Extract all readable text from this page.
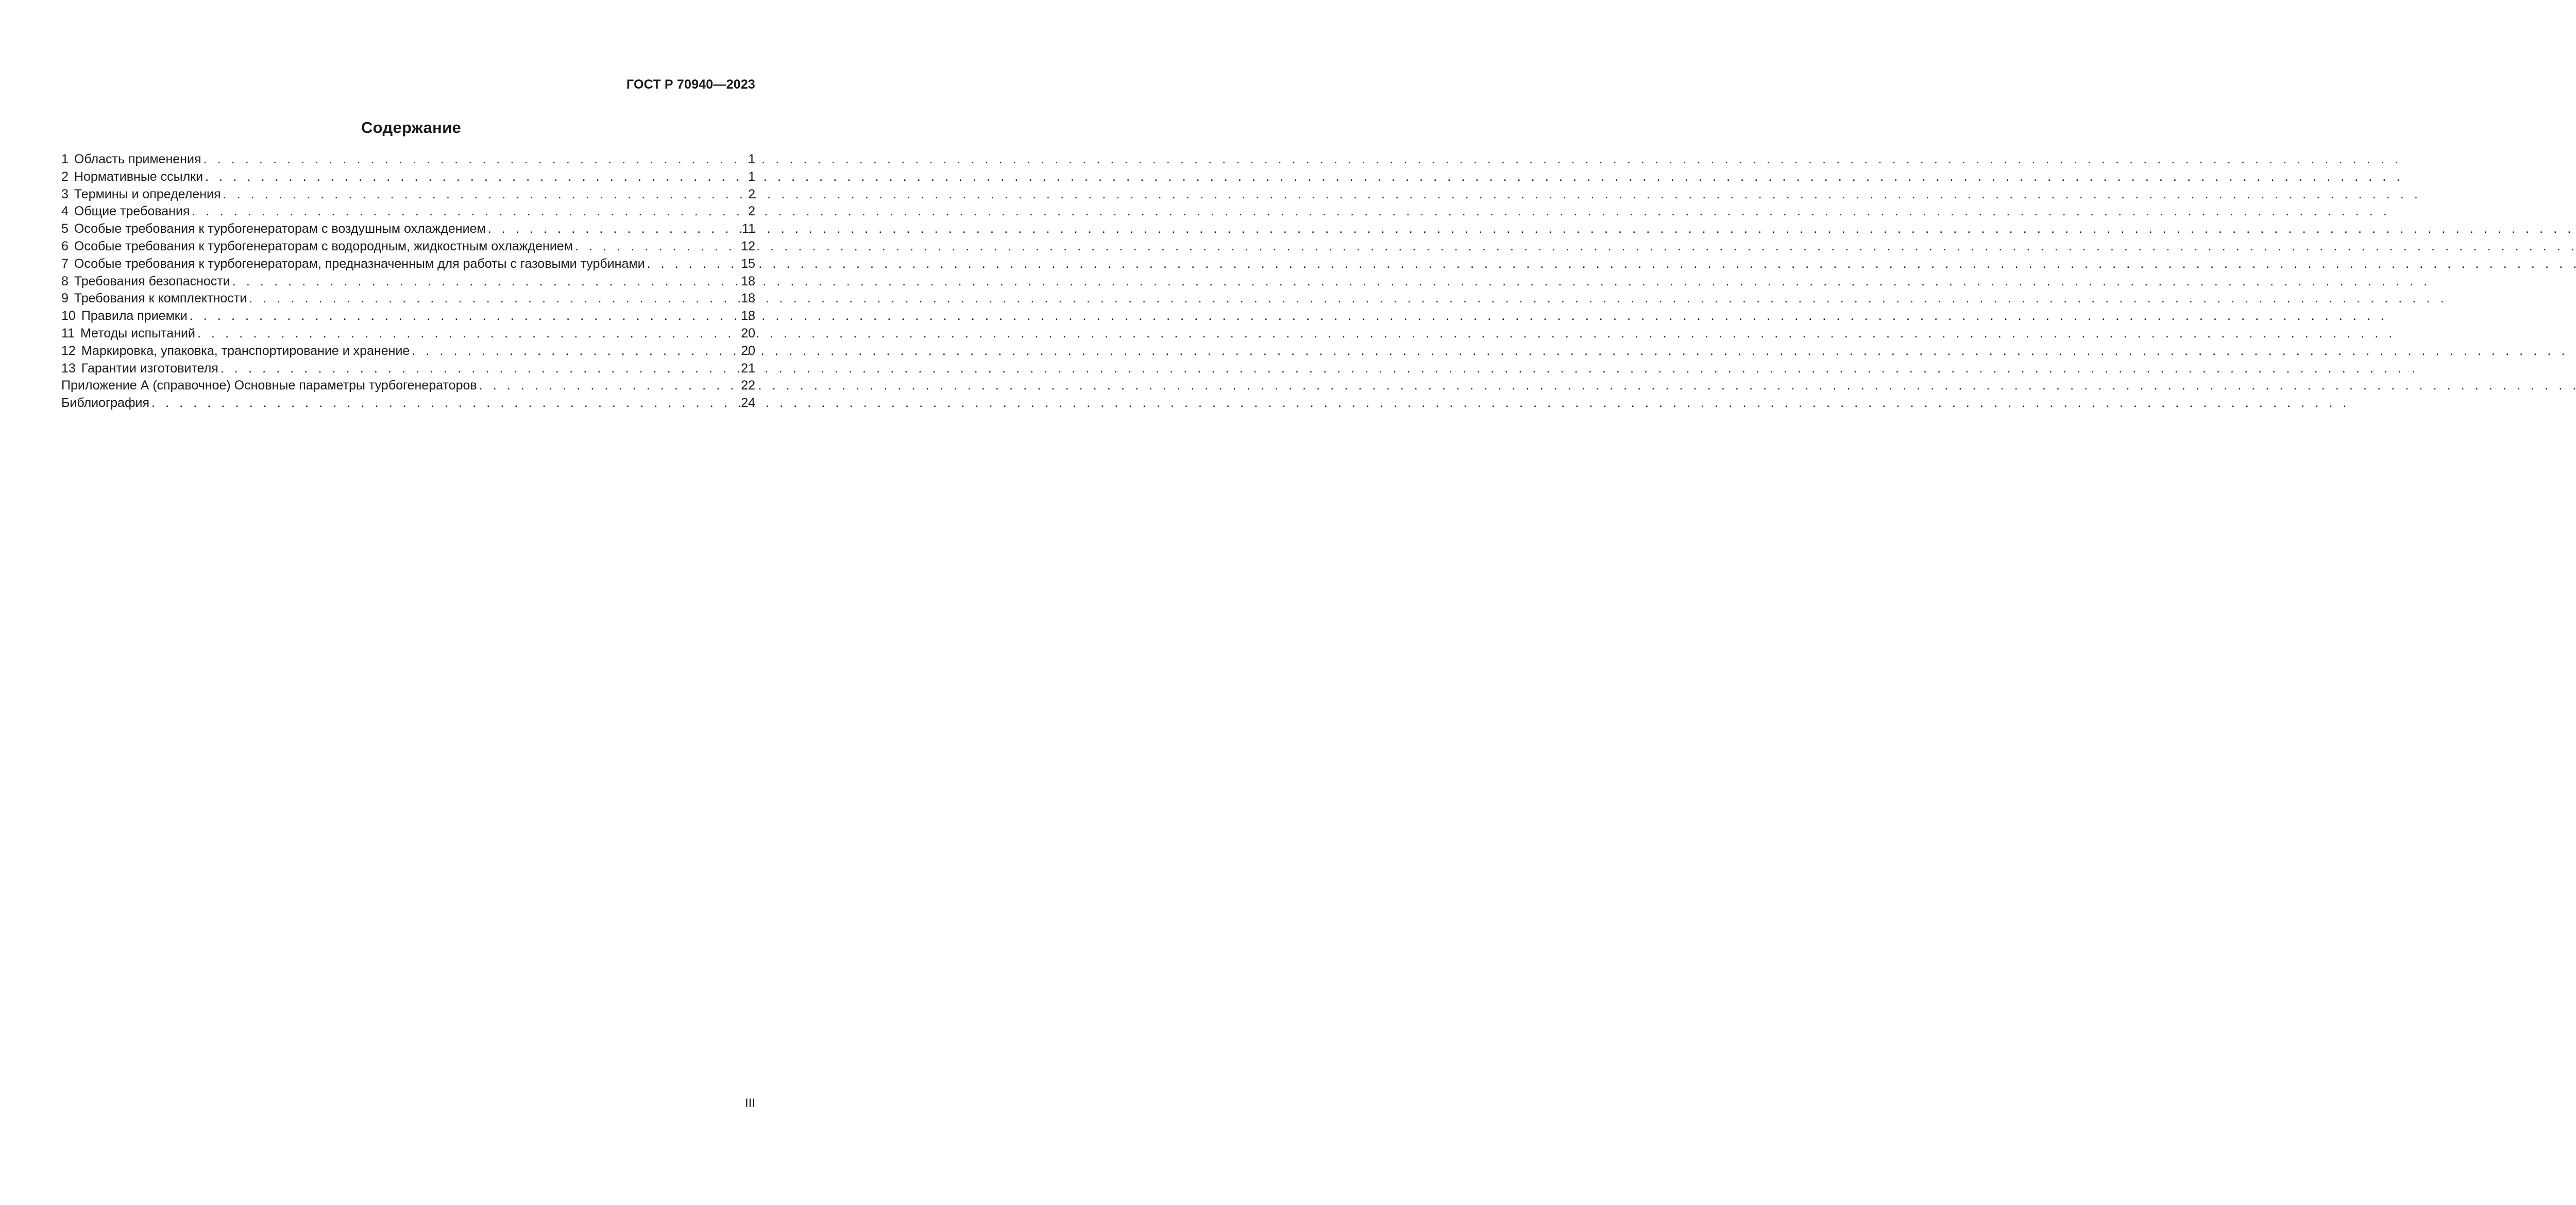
ГОСТ Р 70940—2023
Содержание
1 Область применения . . .	1
2 Нормативные ссылки . . .	1
3 Термины и определения . . .	2
4 Общие требования . . .	2
5 Особые требования к турбогенераторам с воздушным охлаждением . . .	11
6 Особые требования к турбогенераторам с водородным, жидкостным охлаждением . . .	12
7 Особые требования к турбогенераторам, предназначенным для работы с газовыми турбинами . . .	15
8 Требования безопасности . . .	18
9 Требования к комплектности . . .	18
10 Правила приемки . . .	18
11 Методы испытаний . . .	20
12 Маркировка, упаковка, транспортирование и хранение . . .	20
13 Гарантии изготовителя . . .	21
Приложение А (справочное) Основные параметры турбогенераторов . . .	22
Библиография . . .	24
III
